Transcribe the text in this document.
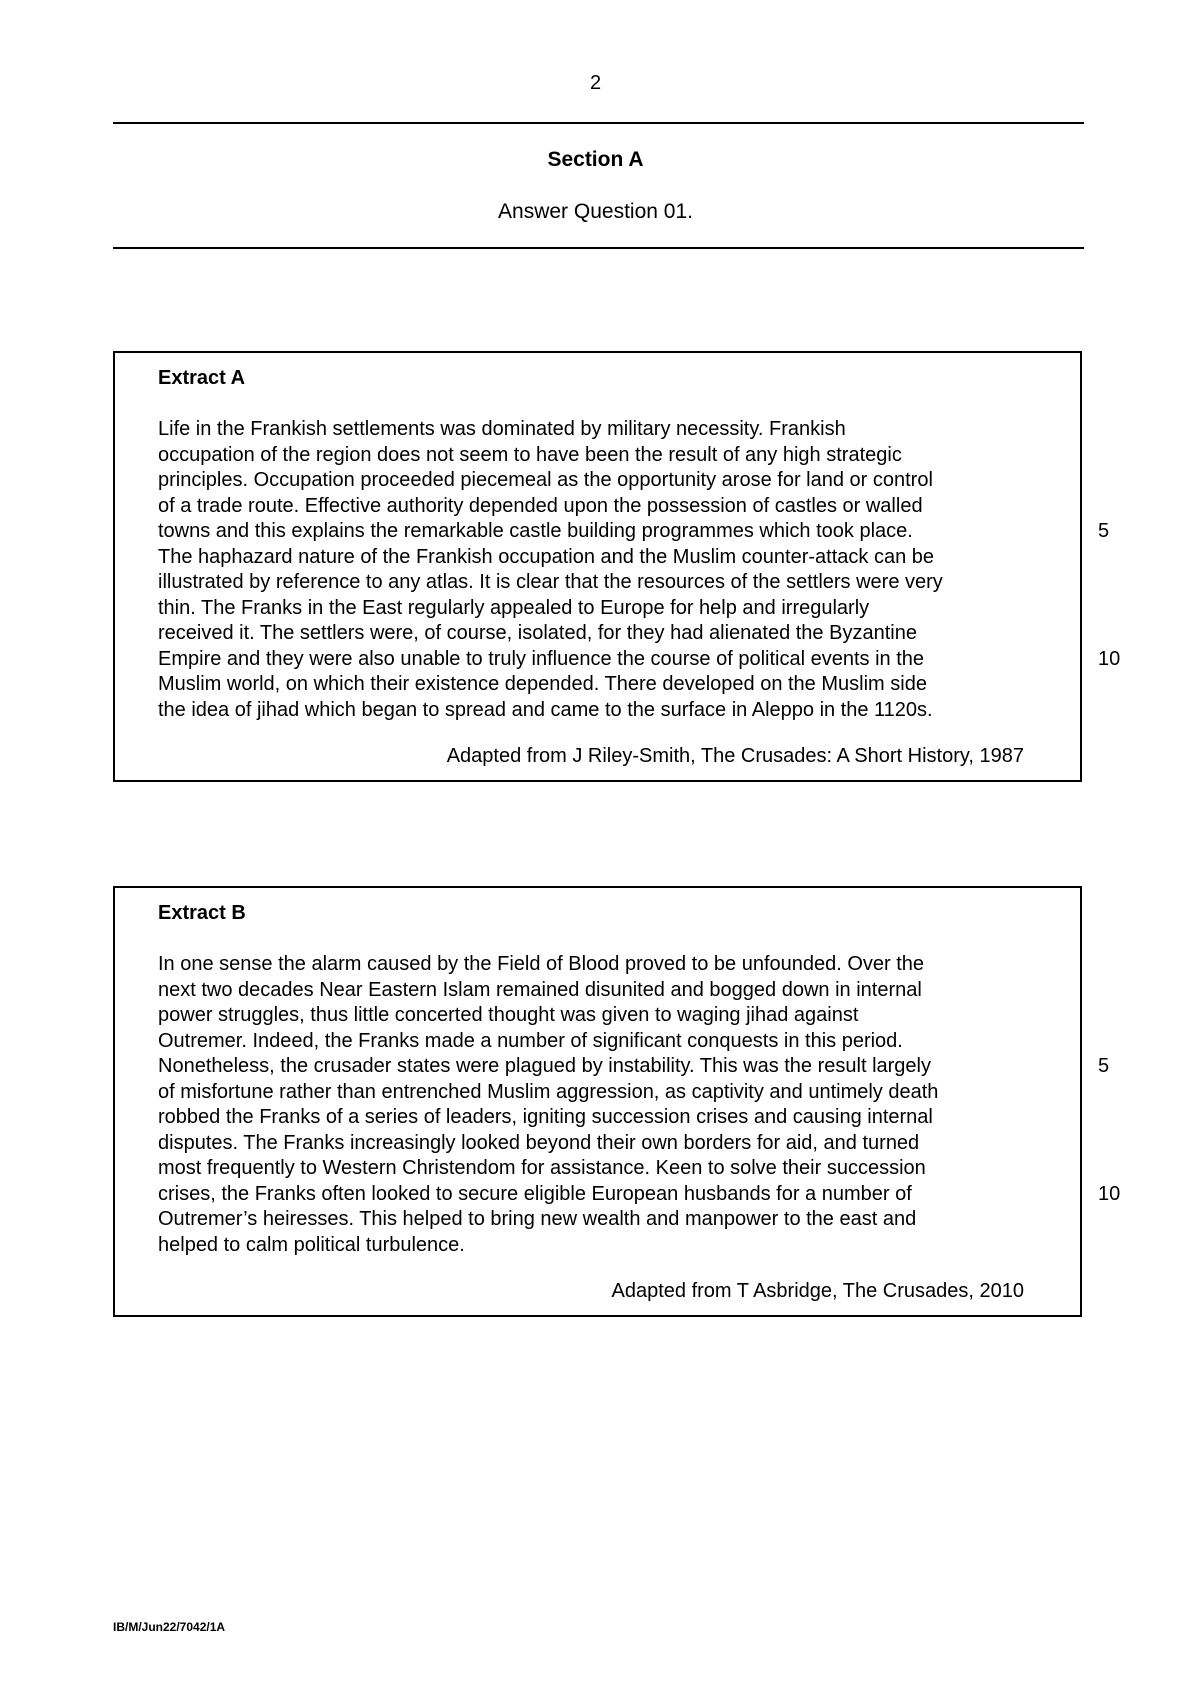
2
Section A
Answer Question 01.
Extract A
Life in the Frankish settlements was dominated by military necessity. Frankish
occupation of the region does not seem to have been the result of any high strategic
principles. Occupation proceeded piecemeal as the opportunity arose for land or control
of a trade route. Effective authority depended upon the possession of castles or walled
towns and this explains the remarkable castle building programmes which took place.	5
The haphazard nature of the Frankish occupation and the Muslim counter-attack can be
illustrated by reference to any atlas. It is clear that the resources of the settlers were very
thin. The Franks in the East regularly appealed to Europe for help and irregularly
received it. The settlers were, of course, isolated, for they had alienated the Byzantine
Empire and they were also unable to truly influence the course of political events in the	10
Muslim world, on which their existence depended. There developed on the Muslim side
the idea of jihad which began to spread and came to the surface in Aleppo in the 1120s.
Adapted from J Riley-Smith, The Crusades: A Short History, 1987
Extract B
In one sense the alarm caused by the Field of Blood proved to be unfounded. Over the
next two decades Near Eastern Islam remained disunited and bogged down in internal
power struggles, thus little concerted thought was given to waging jihad against
Outremer. Indeed, the Franks made a number of significant conquests in this period.
Nonetheless, the crusader states were plagued by instability. This was the result largely	5
of misfortune rather than entrenched Muslim aggression, as captivity and untimely death
robbed the Franks of a series of leaders, igniting succession crises and causing internal
disputes. The Franks increasingly looked beyond their own borders for aid, and turned
most frequently to Western Christendom for assistance. Keen to solve their succession
crises, the Franks often looked to secure eligible European husbands for a number of	10
Outremer’s heiresses. This helped to bring new wealth and manpower to the east and
helped to calm political turbulence.
Adapted from T Asbridge, The Crusades, 2010
IB/M/Jun22/7042/1A
